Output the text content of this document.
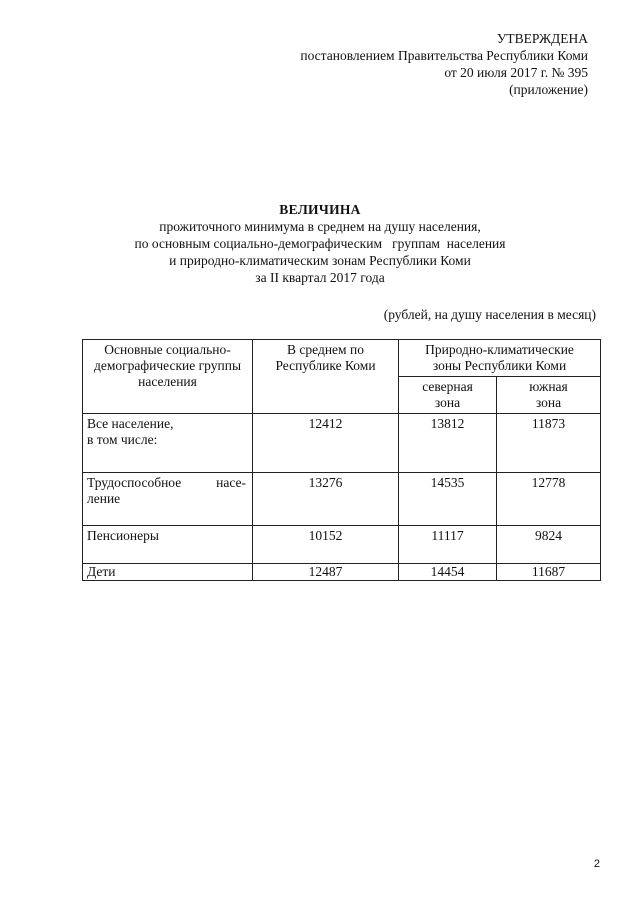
УТВЕРЖДЕНА
постановлением Правительства Республики Коми
от 20 июля 2017 г. № 395
(приложение)
ВЕЛИЧИНА
прожиточного минимума в среднем на душу населения,
по основным социально-демографическим   группам  населения
и природно-климатическим зонам Республики Коми
за II квартал 2017 года
(рублей, на душу населения в месяц)
Основные социально-демографические группы населения	В среднем по Республике Коми	Природно-климатические зоны Республики Коми	
		северная зона	южная зона

Все население,
в том числе:	12412	13812	11873

Трудоспособное насе-
ление	13276	14535	12778
Пенсионеры	10152	11117	9824
Дети	12487	14454	11687
2
